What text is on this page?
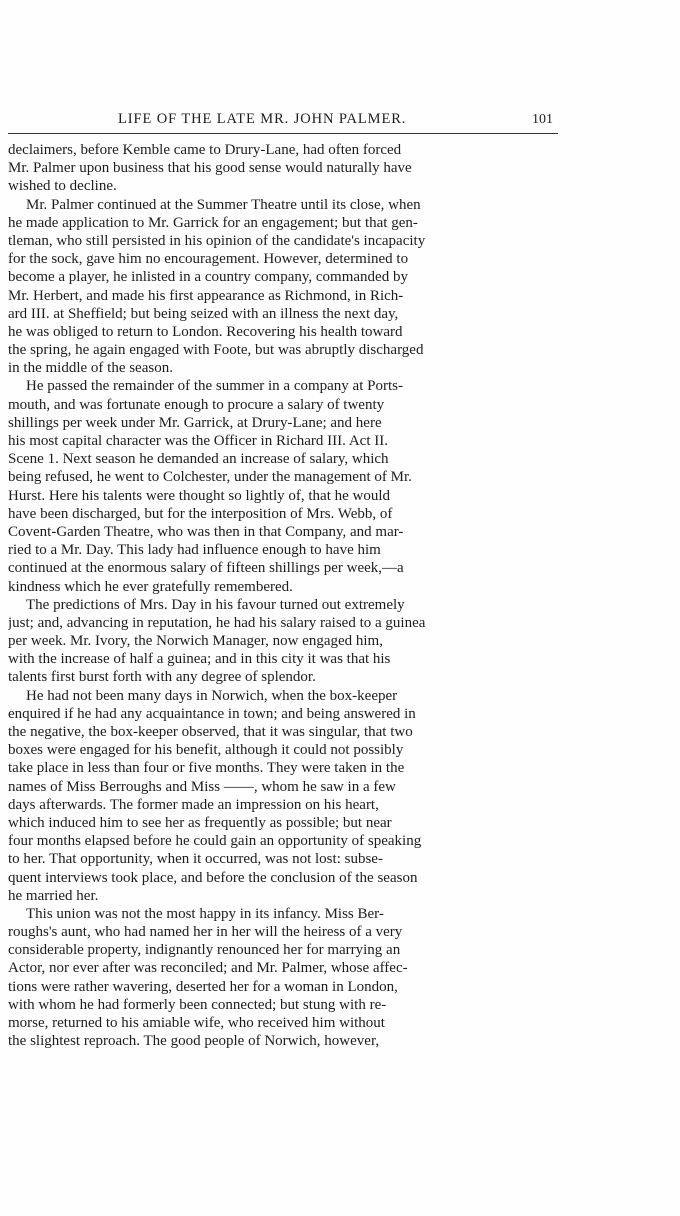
LIFE OF THE LATE MR. JOHN PALMER.	101
declaimers, before Kemble came to Drury-Lane, had often forced
Mr. Palmer upon business that his good sense would naturally have
wished to decline.
Mr. Palmer continued at the Summer Theatre until its close, when
he made application to Mr. Garrick for an engagement; but that gen-
tleman, who still persisted in his opinion of the candidate's incapacity
for the sock, gave him no encouragement. However, determined to
become a player, he inlisted in a country company, commanded by
Mr. Herbert, and made his first appearance as Richmond, in Rich-
ard III. at Sheffield; but being seized with an illness the next day,
he was obliged to return to London. Recovering his health toward
the spring, he again engaged with Foote, but was abruptly discharged
in the middle of the season.
He passed the remainder of the summer in a company at Ports-
mouth, and was fortunate enough to procure a salary of twenty
shillings per week under Mr. Garrick, at Drury-Lane; and here
his most capital character was the Officer in Richard III. Act II.
Scene 1. Next season he demanded an increase of salary, which
being refused, he went to Colchester, under the management of Mr.
Hurst. Here his talents were thought so lightly of, that he would
have been discharged, but for the interposition of Mrs. Webb, of
Covent-Garden Theatre, who was then in that Company, and mar-
ried to a Mr. Day. This lady had influence enough to have him
continued at the enormous salary of fifteen shillings per week,—a
kindness which he ever gratefully remembered.
The predictions of Mrs. Day in his favour turned out extremely
just; and, advancing in reputation, he had his salary raised to a guinea
per week. Mr. Ivory, the Norwich Manager, now engaged him,
with the increase of half a guinea; and in this city it was that his
talents first burst forth with any degree of splendor.
He had not been many days in Norwich, when the box-keeper
enquired if he had any acquaintance in town; and being answered in
the negative, the box-keeper observed, that it was singular, that two
boxes were engaged for his benefit, although it could not possibly
take place in less than four or five months. They were taken in the
names of Miss Berroughs and Miss ——, whom he saw in a few
days afterwards. The former made an impression on his heart,
which induced him to see her as frequently as possible; but near
four months elapsed before he could gain an opportunity of speaking
to her. That opportunity, when it occurred, was not lost: subse-
quent interviews took place, and before the conclusion of the season
he married her.
This union was not the most happy in its infancy. Miss Ber-
roughs's aunt, who had named her in her will the heiress of a very
considerable property, indignantly renounced her for marrying an
Actor, nor ever after was reconciled; and Mr. Palmer, whose affec-
tions were rather wavering, deserted her for a woman in London,
with whom he had formerly been connected; but stung with re-
morse, returned to his amiable wife, who received him without
the slightest reproach. The good people of Norwich, however,
